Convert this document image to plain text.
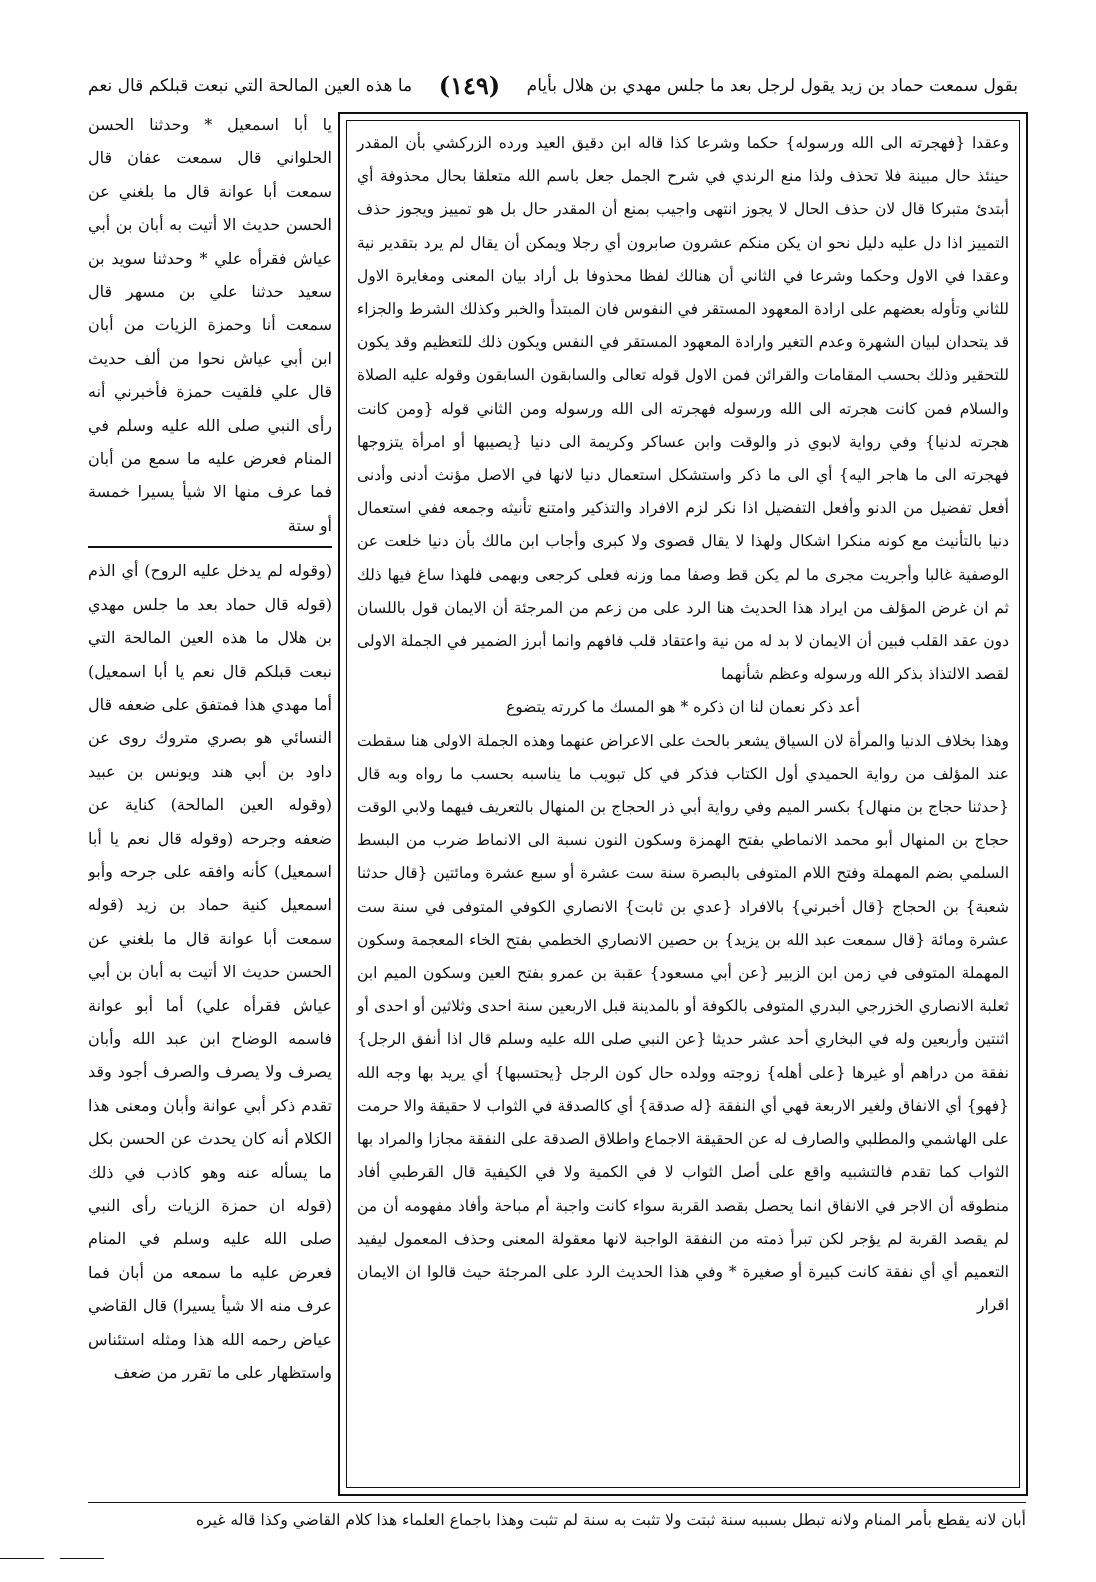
بقول سمعت حماد بن زيد يقول لرجل بعد ما جلس مهدي بن هلال بأيام
(١٤٩)
ما هذه العين المالحة التي نبعت قبلكم قال نعم

وعقدا {فهجرته الى الله ورسوله} حكما وشرعا كذا قاله ابن دقيق العيد ورده الزركشي بأن المقدر حينئذ حال مبينة فلا تحذف ولذا منع الرندي في شرح الجمل جعل باسم الله متعلقا بحال محذوفة أي أبتدئ متبركا قال لان حذف الحال لا يجوز انتهى واجيب بمنع أن المقدر حال بل هو تمييز ويجوز حذف التمييز اذا دل عليه دليل نحو ان يكن منكم عشرون صابرون أي رجلا ويمكن أن يقال لم يرد بتقدير نية وعقدا في الاول وحكما وشرعا في الثاني أن هنالك لفظا محذوفا بل أراد بيان المعنى ومغايرة الاول للثاني وتأوله بعضهم على ارادة المعهود المستقر في النفوس فان المبتدأ والخبر وكذلك الشرط والجزاء قد يتحدان لبيان الشهرة وعدم التغير وارادة المعهود المستقر في النفس ويكون ذلك للتعظيم وقد يكون للتحقير وذلك بحسب المقامات والقرائن فمن الاول قوله تعالى والسابقون السابقون وقوله عليه الصلاة والسلام فمن كانت هجرته الى الله ورسوله فهجرته الى الله ورسوله ومن الثاني قوله {ومن كانت هجرته لدنيا} وفي رواية لابوي ذر والوقت وابن عساكر وكريمة الى دنيا {يصيبها أو امرأة يتزوجها فهجرته الى ما هاجر اليه} أي الى ما ذكر واستشكل استعمال دنيا لانها في الاصل مؤنث أدنى وأدنى أفعل تفضيل من الدنو وأفعل التفضيل اذا نكر لزم الافراد والتذكير وامتنع تأنيثه وجمعه ففي استعمال دنيا بالتأنيث مع كونه منكرا اشكال ولهذا لا يقال قصوى ولا كبرى وأجاب ابن مالك بأن دنيا خلعت عن الوصفية غالبا وأجريت مجرى ما لم يكن قط وصفا مما وزنه فعلى كرجعى وبهمى فلهذا ساغ فيها ذلك ثم ان غرض المؤلف من ايراد هذا الحديث هنا الرد على من زعم من المرجئة أن الايمان قول باللسان دون عقد القلب فبين أن الايمان لا بد له من نية واعتقاد قلب فافهم وانما أبرز الضمير في الجملة الاولى لقصد الالتذاذ بذكر الله ورسوله وعظم شأنهما

أعد ذكر نعمان لنا ان ذكره * هو المسك ما كررته يتضوع

وهذا بخلاف الدنيا والمرأة لان السياق يشعر بالحث على الاعراض عنهما وهذه الجملة الاولى هنا سقطت عند المؤلف من رواية الحميدي أول الكتاب فذكر في كل تبويب ما يناسبه بحسب ما رواه وبه قال {حدثنا حجاج بن منهال} بكسر الميم وفي رواية أبي ذر الحجاج بن المنهال بالتعريف فيهما ولابي الوقت حجاج بن المنهال أبو محمد الانماطي بفتح الهمزة وسكون النون نسبة الى الانماط ضرب من البسط السلمي بضم المهملة وفتح اللام المتوفى بالبصرة سنة ست عشرة أو سبع عشرة ومائتين {قال حدثنا شعبة} بن الحجاج {قال أخبرني} بالافراد {عدي بن ثابت} الانصاري الكوفي المتوفى في سنة ست عشرة ومائة {قال سمعت عبد الله بن يزيد} بن حصين الانصاري الخطمي بفتح الخاء المعجمة وسكون المهملة المتوفى في زمن ابن الزبير {عن أبي مسعود} عقبة بن عمرو بفتح العين وسكون الميم ابن ثعلبة الانصاري الخزرجي البدري المتوفى بالكوفة أو بالمدينة قبل الاربعين سنة احدى وثلاثين أو احدى أو اثنتين وأربعين وله في البخاري أحد عشر حديثا {عن النبي صلى الله عليه وسلم قال اذا أنفق الرجل} نفقة من دراهم أو غيرها {على أهله} زوجته وولده حال كون الرجل {يحتسبها} أي يريد بها وجه الله {فهو} أي الانفاق ولغير الاربعة فهي أي النفقة {له صدقة} أي كالصدقة في الثواب لا حقيقة والا حرمت على الهاشمي والمطلبي والصارف له عن الحقيقة الاجماع واطلاق الصدقة على النفقة مجازا والمراد بها الثواب كما تقدم فالتشبيه واقع على أصل الثواب لا في الكمية ولا في الكيفية قال القرطبي أفاد منطوقه أن الاجر في الانفاق انما يحصل بقصد القربة سواء كانت واجبة أم مباحة وأفاد مفهومه أن من لم يقصد القربة لم يؤجر لكن تبرأ ذمته من النفقة الواجبة لانها معقولة المعنى وحذف المعمول ليفيد التعميم أي أي نفقة كانت كبيرة أو صغيرة * وفي هذا الحديث الرد على المرجئة حيث قالوا ان الايمان اقرار

يا أبا اسمعيل * وحدثنا الحسن الحلواني قال سمعت عفان قال سمعت أبا عوانة قال ما بلغني عن الحسن حديث الا أتيت به أبان بن أبي عياش فقرأه علي * وحدثنا سويد بن سعيد حدثنا علي بن مسهر قال سمعت أنا وحمزة الزيات من أبان ابن أبي عياش نحوا من ألف حديث قال علي فلقيت حمزة فأخبرني أنه رأى النبي صلى الله عليه وسلم في المنام فعرض عليه ما سمع من أبان فما عرف منها الا شيأ يسيرا خمسة أو ستة

(وقوله لم يدخل عليه الروح) أي الذم (قوله قال حماد بعد ما جلس مهدي بن هلال ما هذه العين المالحة التي نبعت قبلكم قال نعم يا أبا اسمعيل) أما مهدي هذا فمتفق على ضعفه قال النسائي هو بصري متروك روى عن داود بن أبي هند ويونس بن عبيد (وقوله العين المالحة) كناية عن ضعفه وجرحه (وقوله قال نعم يا أبا اسمعيل) كأنه وافقه على جرحه وأبو اسمعيل كنية حماد بن زيد (قوله سمعت أبا عوانة قال ما بلغني عن الحسن حديث الا أتيت به أبان بن أبي عياش فقرأه علي) أما أبو عوانة فاسمه الوضاح ابن عبد الله وأبان يصرف ولا يصرف والصرف أجود وقد تقدم ذكر أبي عوانة وأبان ومعنى هذا الكلام أنه كان يحدث عن الحسن بكل ما يسأله عنه وهو كاذب في ذلك (قوله ان حمزة الزيات رأى النبي صلى الله عليه وسلم في المنام فعرض عليه ما سمعه من أبان فما عرف منه الا شيأ يسيرا) قال القاضي عياض رحمه الله هذا ومثله استئناس واستظهار على ما تقرر من ضعف

أبان لانه يقطع بأمر المنام ولانه تبطل بسببه سنة ثبتت ولا تثبت به سنة لم تثبت وهذا باجماع العلماء هذا كلام القاضي وكذا قاله غيره
